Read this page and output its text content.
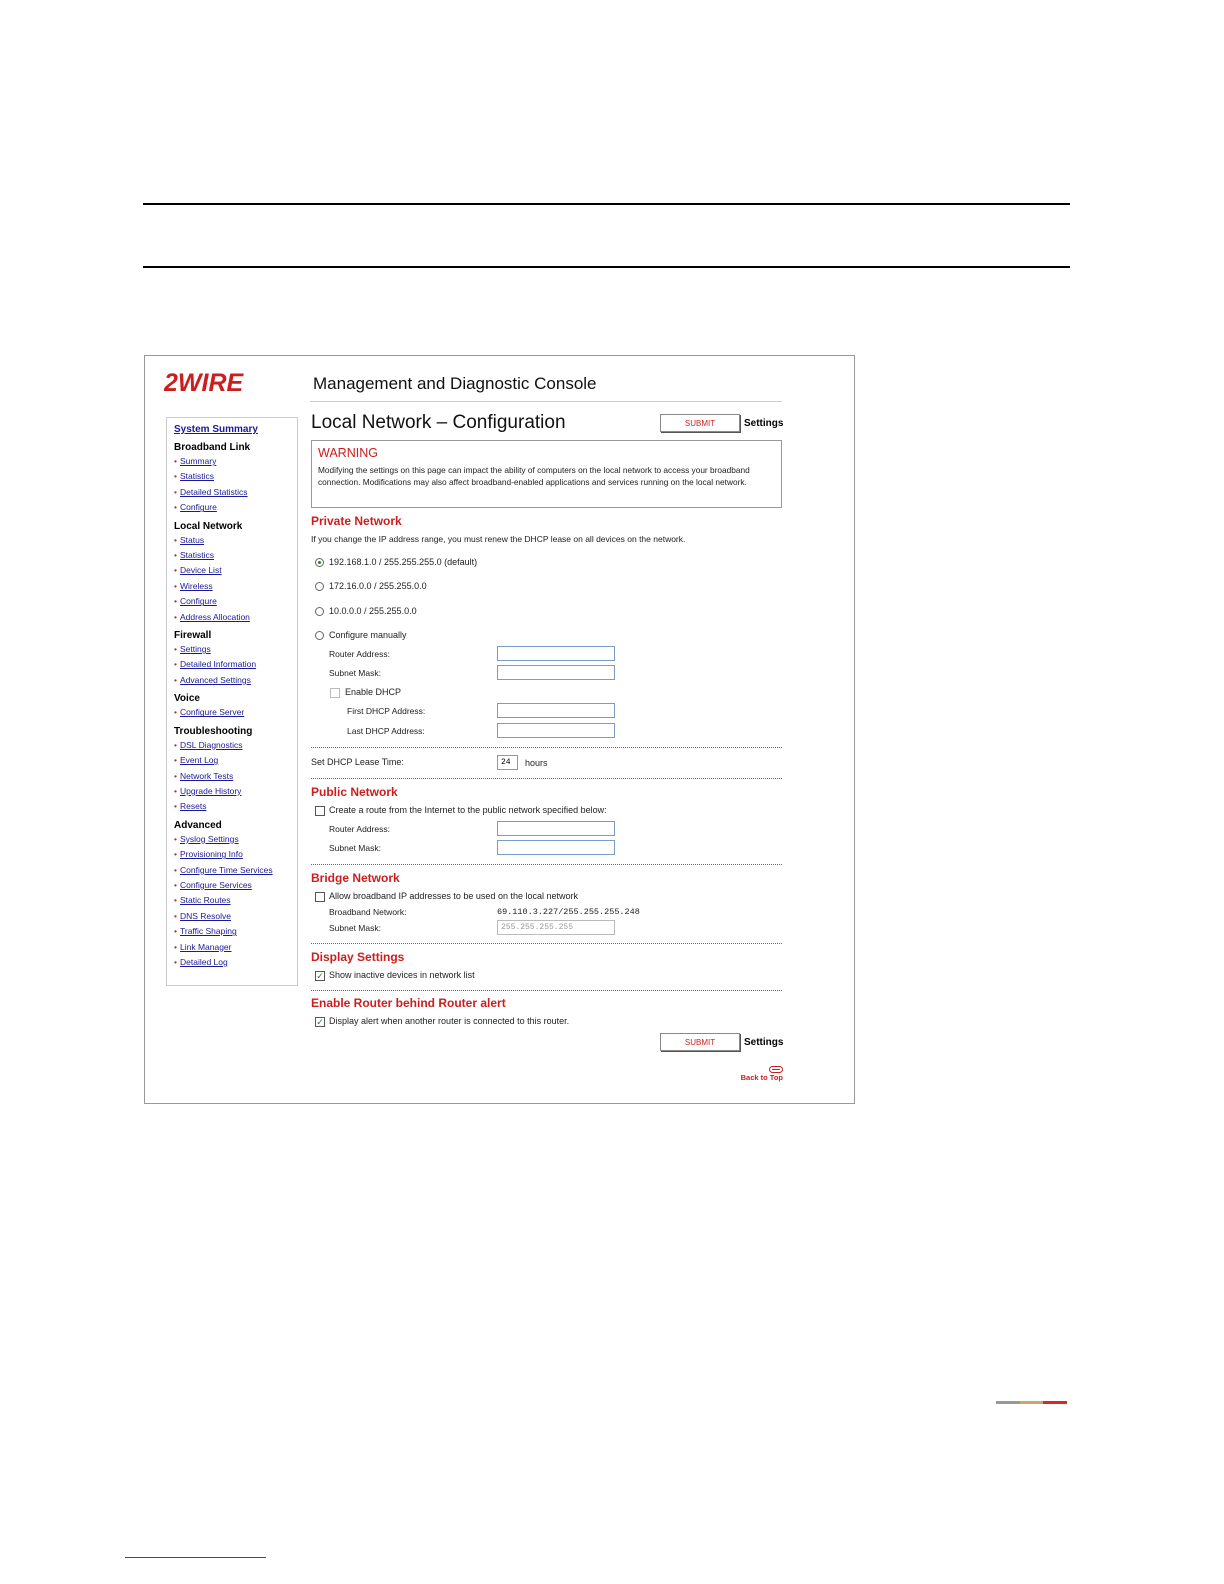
2WIRE	Management and Diagnostic Console
System Summary
Broadband Link
• Summary
• Statistics
• Detailed Statistics
• Configure
Local Network
• Status
• Statistics
• Device List
• Wireless
• Configure
• Address Allocation
Firewall
• Settings
• Detailed Information
• Advanced Settings
Voice
• Configure Server
Troubleshooting
• DSL Diagnostics
• Event Log
• Network Tests
• Upgrade History
• Resets
Advanced
• Syslog Settings
• Provisioning Info
• Configure Time Services
• Configure Services
• Static Routes
• DNS Resolve
• Traffic Shaping
• Link Manager
• Detailed Log
Local Network – Configuration	SUBMIT	Settings
WARNING
Modifying the settings on this page can impact the ability of computers on the local network to access your broadband connection. Modifications may also affect broadband-enabled applications and services running on the local network.
Private Network
If you change the IP address range, you must renew the DHCP lease on all devices on the network.
192.168.1.0 / 255.255.255.0 (default)
172.16.0.0 / 255.255.0.0
10.0.0.0 / 255.255.0.0
Configure manually
Router Address:
Subnet Mask:
Enable DHCP
First DHCP Address:
Last DHCP Address:
Set DHCP Lease Time:	24	hours
Public Network
Create a route from the Internet to the public network specified below:
Router Address:
Subnet Mask:
Bridge Network
Allow broadband IP addresses to be used on the local network
Broadband Network:	69.110.3.227/255.255.255.248
Subnet Mask:	255.255.255.255
Display Settings
✓ Show inactive devices in network list
Enable Router behind Router alert
✓ Display alert when another router is connected to this router.
SUBMIT	Settings
Back to Top
